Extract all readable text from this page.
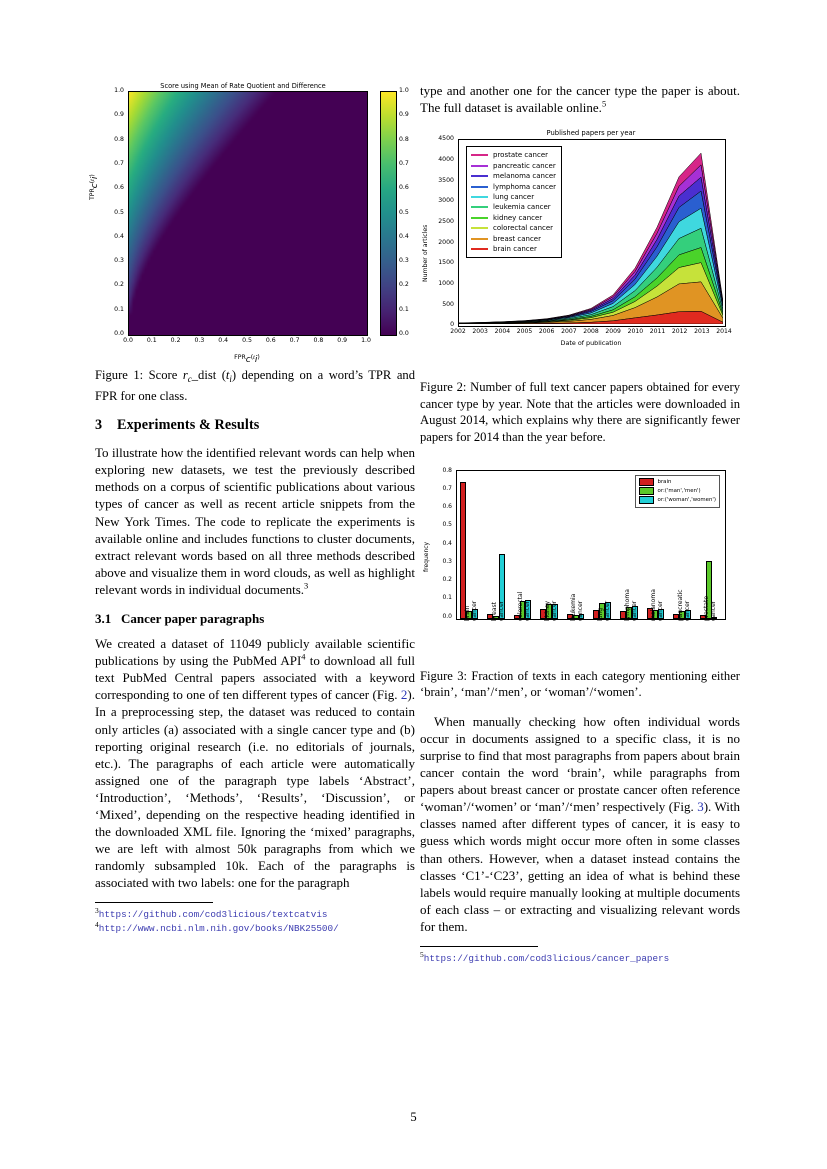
Score using Mean of Rate Quotient and Difference
TPRc(ti)
FPRc(ti)
0.0
0.1
0.2
0.3
0.4
0.5
0.6
0.7
0.8
0.9
1.0
0.0	0.1	0.2	0.3	0.4	0.5	0.6	0.7	0.8	0.9	1.0
0.0
0.1
0.2
0.3
0.4
0.5
0.6
0.7
0.8
0.9
1.0
Figure 1: Score $r_c\_dist$ $(t_i)$ depending on a word’s TPR and FPR for one class.
3 Experiments & Results

To illustrate how the identified relevant words can help when exploring new datasets, we test the previously described methods on a corpus of scientific publications about various types of cancer as well as recent article snippets from the New York Times. The code to replicate the experiments is available online and includes functions to cluster documents, extract relevant words based on all three methods described above and visualize them in word clouds, as well as highlight relevant words in individual documents.$^3$

3.1 Cancer paper paragraphs

We created a dataset of 11049 publicly available scientific publications by using the PubMed API$^4$ to download all full text PubMed Central papers associated with a keyword corresponding to one of ten different types of cancer (Fig. 2). In a preprocessing step, the dataset was reduced to contain only articles (a) associated with a single cancer type and (b) reporting original research (i.e. no editorials of journals, etc.). The paragraphs of each article were automatically assigned one of the paragraph type labels ‘Abstract’, ‘Introduction’, ‘Methods’, ‘Results’, ‘Discussion’, or ‘Mixed’, depending on the respective heading identified in the downloaded XML file. Ignoring the ‘mixed’ paragraphs, we are left with almost 50k paragraphs from which we randomly subsampled 10k. Each of the paragraphs is associated with two labels: one for the paragraph

$^3$https://github.com/cod3licious/textcatvis
$^4$http://www.ncbi.nlm.nih.gov/books/NBK25500/

type and another one for the cancer type the paper is about. The full dataset is available online.$^5$

Published papers per year
Number of articles
Date of publication
prostate cancer
pancreatic cancer
melanoma cancer
lymphoma cancer
lung cancer
leukemia cancer
kidney cancer
colorectal cancer
breast cancer
brain cancer
0
500
1000
1500
2000
2500
3000
3500
4000
4500
2002	2003	2004	2005	2006	2007	2008	2009	2010	2011	2012	2013	2014
Figure 2: Number of full text cancer papers obtained for every cancer type by year. Note that the articles were downloaded in August 2014, which explains why there are significantly fewer papers for 2014 than the year before.
brain
or:('man','men')
or:('woman','women')
frequency
0.0
0.1
0.2
0.3
0.4
0.5
0.6
0.7
0.8
brain cancer breast cancer colorectal cancer kidney cancer leukemia cancer lung cancer lymphoma cancer melanoma cancer pancreatic cancer prostate cancer
Figure 3: Fraction of texts in each category mentioning either ‘brain’, ‘man’/‘men’, or ‘woman’/‘women’.

When manually checking how often individual words occur in documents assigned to a specific class, it is no surprise to find that most paragraphs from papers about brain cancer contain the word ‘brain’, while paragraphs from papers about breast cancer or prostate cancer often reference ‘woman’/‘women’ or ‘man’/‘men’ respectively (Fig. 3). With classes named after different types of cancer, it is easy to guess which words might occur more often in some classes than others. However, when a dataset instead contains the classes ‘C1’-‘C23’, getting an idea of what is behind these labels would require manually looking at multiple documents of each class – or extracting and visualizing relevant words for them.

$^5$https://github.com/cod3licious/cancer_papers
5
